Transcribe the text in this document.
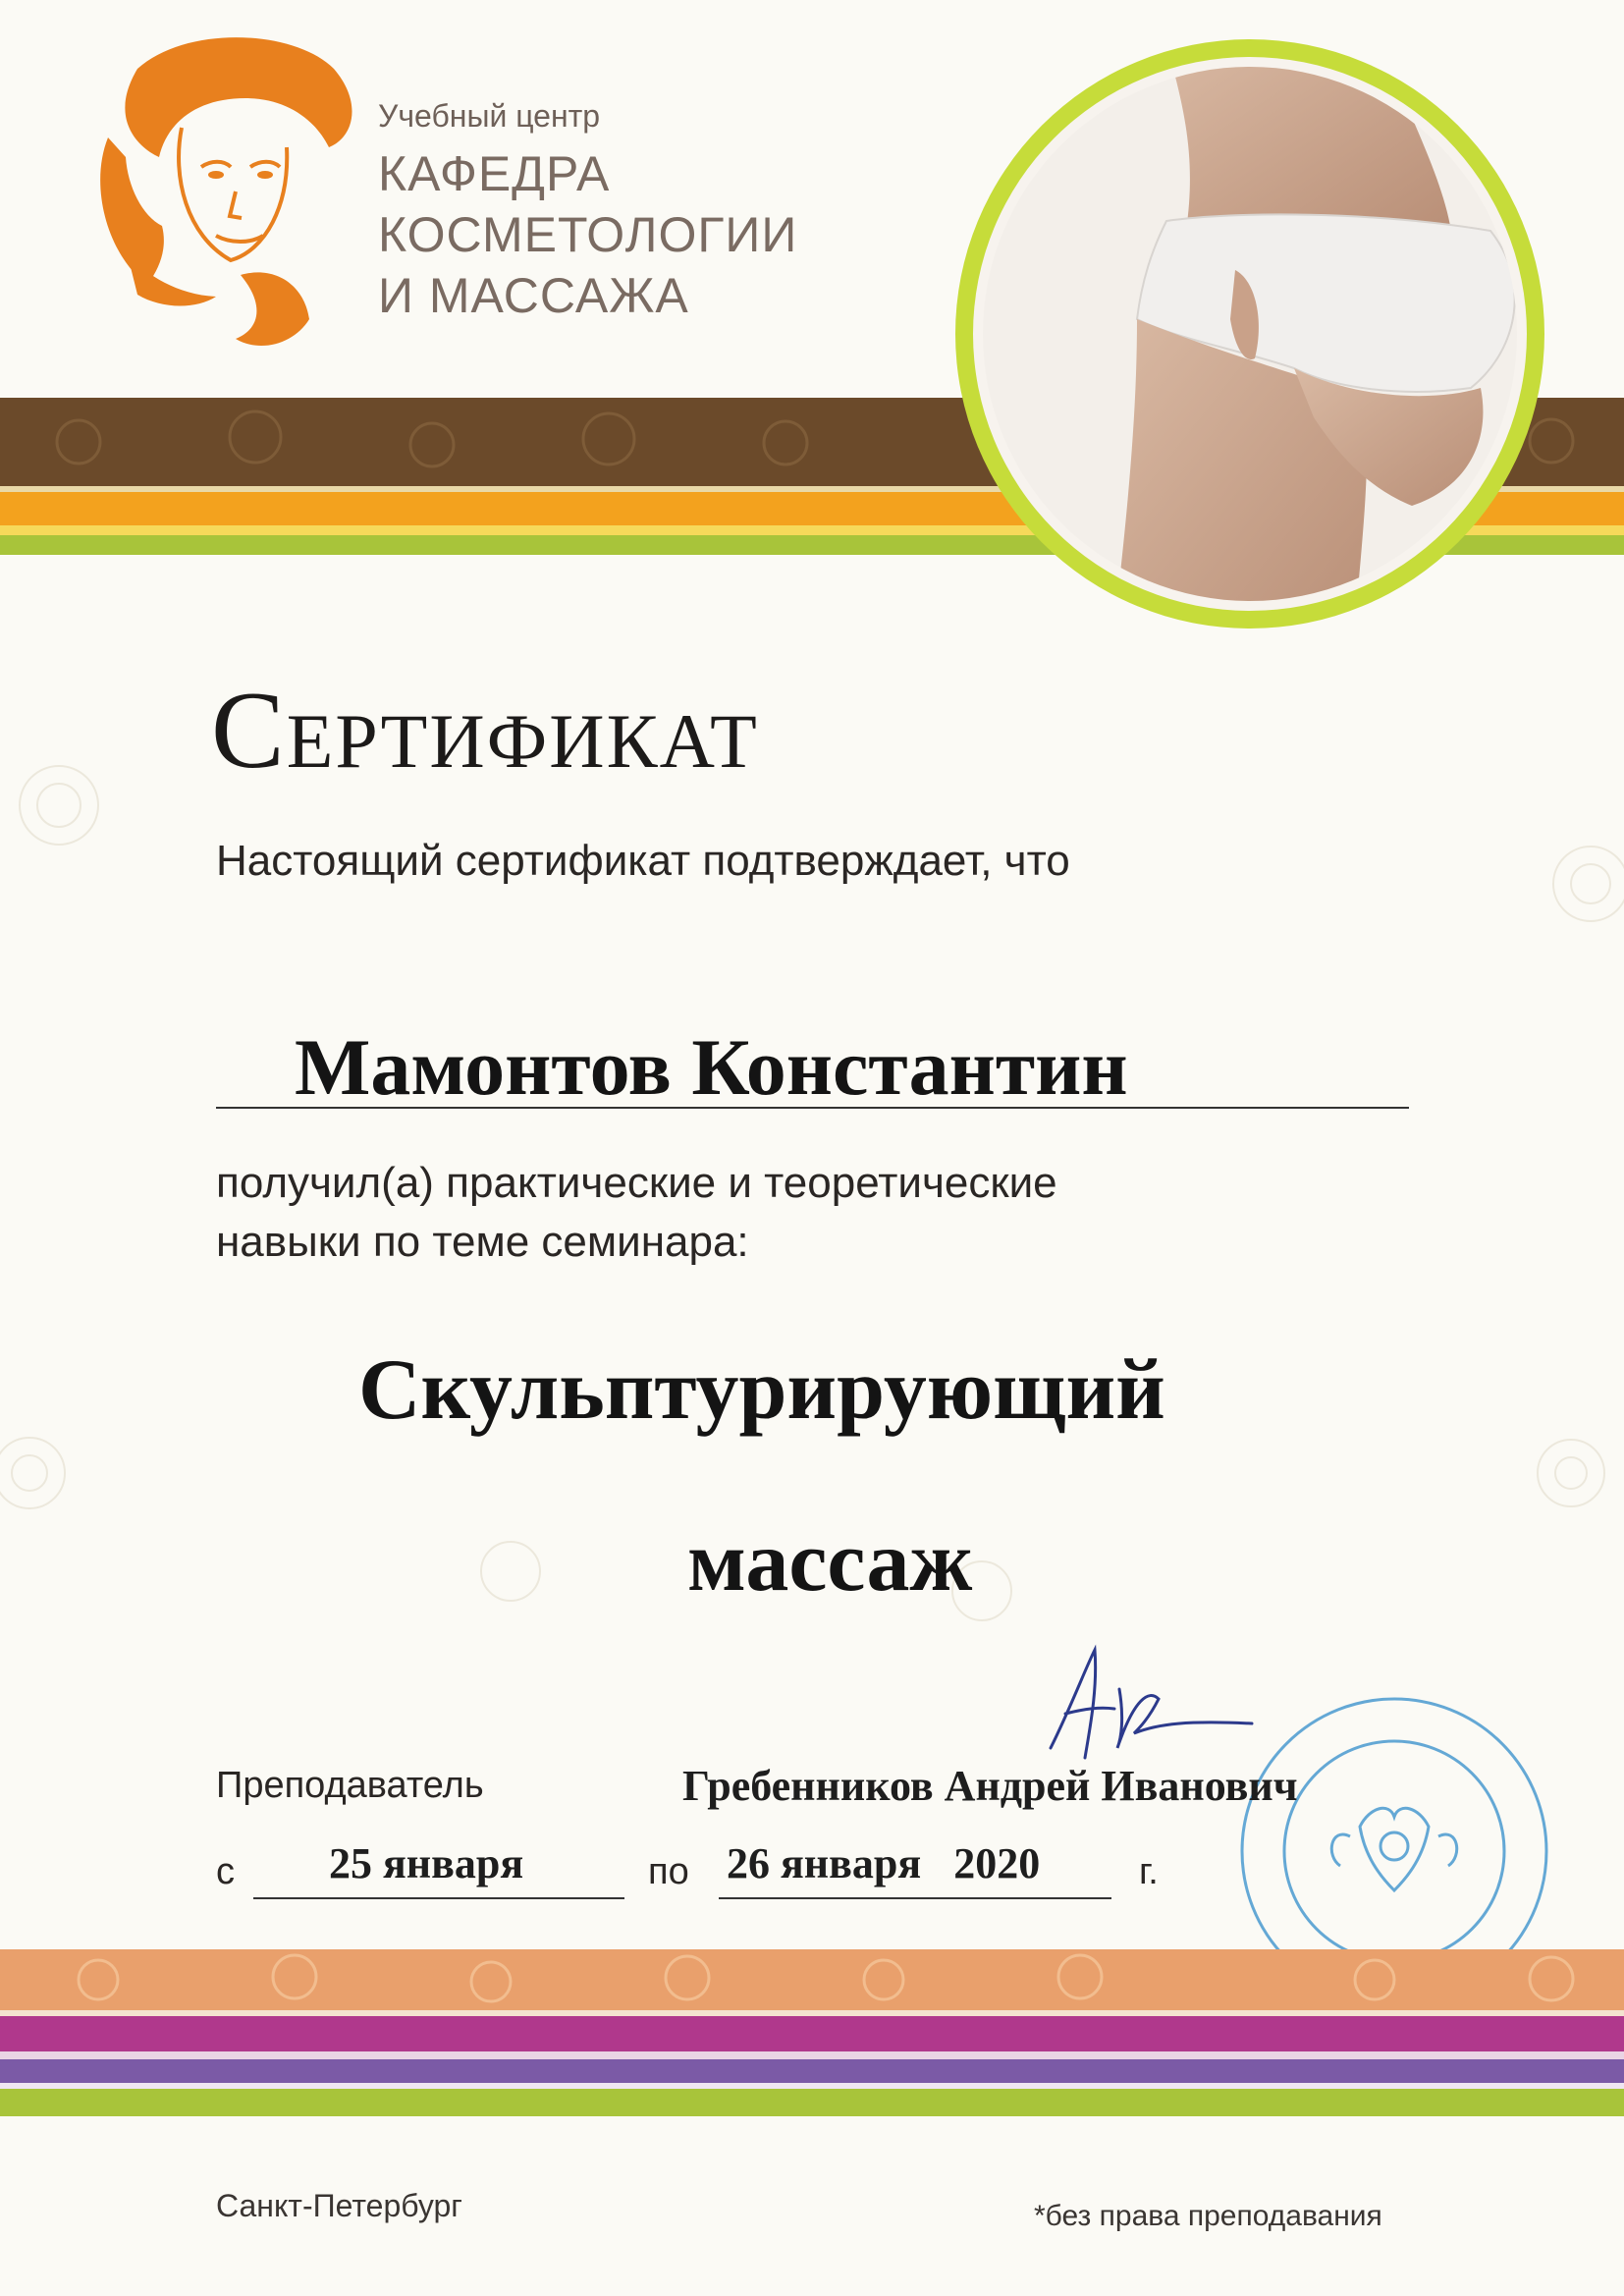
Учебный центр
КАФЕДРА
КОСМЕТОЛОГИИ
И МАССАЖА
Сертификат
Настоящий сертификат подтверждает, что
Мамонтов Константин
получил(а) практические и теоретические
навыки по теме семинара:
Скульптурирующий
массаж
Преподаватель	Гребенников Андрей Иванович
с 25 января	по 26 января   2020	г.
Санкт-Петербург	*без права преподавания
